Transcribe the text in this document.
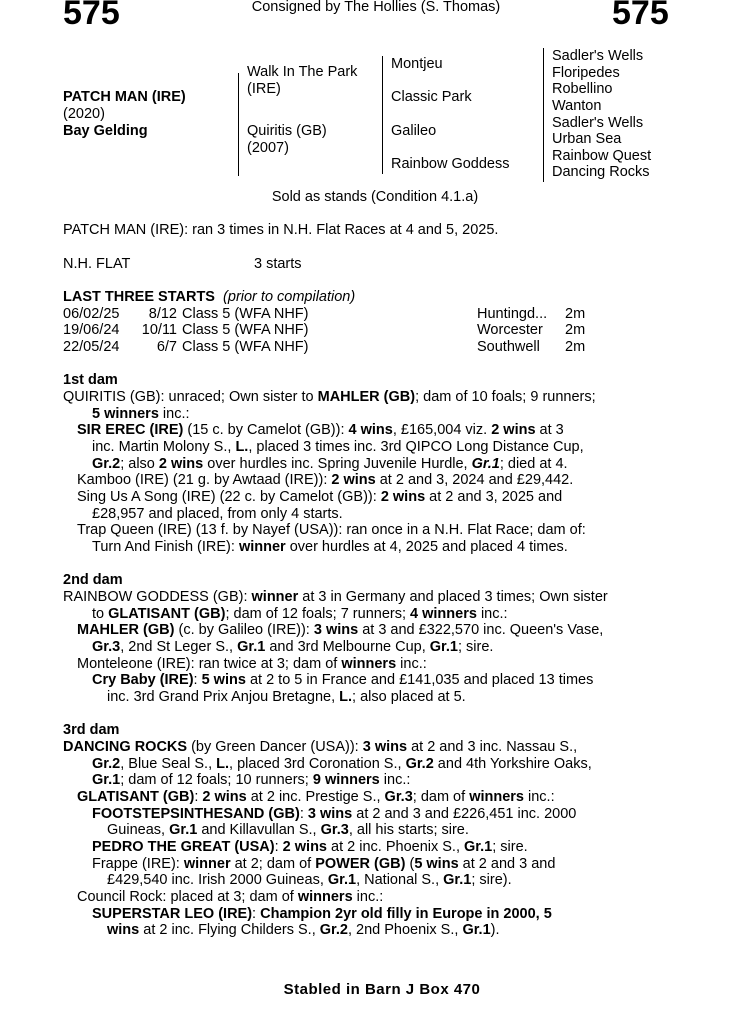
575	575
Consigned by The Hollies (S. Thomas)
PATCH MAN (IRE)
(2020)
Bay Gelding
Walk In The Park
(IRE)
Quiritis (GB)
(2007)
Montjeu
Classic Park
Galileo
Rainbow Goddess
Sadler's Wells
Floripedes
Robellino
Wanton
Sadler's Wells
Urban Sea
Rainbow Quest
Dancing Rocks
Sold as stands (Condition 4.1.a)
PATCH MAN (IRE): ran 3 times in N.H. Flat Races at 4 and 5, 2025.
N.H. FLAT	3 starts
LAST THREE STARTS (prior to compilation)
06/02/25	8/12 Class 5 (WFA NHF)	Huntingd... 2m
19/06/24	10/11 Class 5 (WFA NHF)	Worcester 2m
22/05/24	6/7 Class 5 (WFA NHF)	Southwell 2m
1st dam
QUIRITIS (GB): unraced; Own sister to MAHLER (GB); dam of 10 foals; 9 runners;
5 winners inc.:
SIR EREC (IRE) (15 c. by Camelot (GB)): 4 wins, £165,004 viz. 2 wins at 3
inc. Martin Molony S., L., placed 3 times inc. 3rd QIPCO Long Distance Cup,
Gr.2; also 2 wins over hurdles inc. Spring Juvenile Hurdle, Gr.1; died at 4.
Kamboo (IRE) (21 g. by Awtaad (IRE)): 2 wins at 2 and 3, 2024 and £29,442.
Sing Us A Song (IRE) (22 c. by Camelot (GB)): 2 wins at 2 and 3, 2025 and
£28,957 and placed, from only 4 starts.
Trap Queen (IRE) (13 f. by Nayef (USA)): ran once in a N.H. Flat Race; dam of:
Turn And Finish (IRE): winner over hurdles at 4, 2025 and placed 4 times.
2nd dam
RAINBOW GODDESS (GB): winner at 3 in Germany and placed 3 times; Own sister
to GLATISANT (GB); dam of 12 foals; 7 runners; 4 winners inc.:
MAHLER (GB) (c. by Galileo (IRE)): 3 wins at 3 and £322,570 inc. Queen's Vase,
Gr.3, 2nd St Leger S., Gr.1 and 3rd Melbourne Cup, Gr.1; sire.
Monteleone (IRE): ran twice at 3; dam of winners inc.:
Cry Baby (IRE): 5 wins at 2 to 5 in France and £141,035 and placed 13 times
inc. 3rd Grand Prix Anjou Bretagne, L.; also placed at 5.
3rd dam
DANCING ROCKS (by Green Dancer (USA)): 3 wins at 2 and 3 inc. Nassau S.,
Gr.2, Blue Seal S., L., placed 3rd Coronation S., Gr.2 and 4th Yorkshire Oaks,
Gr.1; dam of 12 foals; 10 runners; 9 winners inc.:
GLATISANT (GB): 2 wins at 2 inc. Prestige S., Gr.3; dam of winners inc.:
FOOTSTEPSINTHESAND (GB): 3 wins at 2 and 3 and £226,451 inc. 2000
Guineas, Gr.1 and Killavullan S., Gr.3, all his starts; sire.
PEDRO THE GREAT (USA): 2 wins at 2 inc. Phoenix S., Gr.1; sire.
Frappe (IRE): winner at 2; dam of POWER (GB) (5 wins at 2 and 3 and
£429,540 inc. Irish 2000 Guineas, Gr.1, National S., Gr.1; sire).
Council Rock: placed at 3; dam of winners inc.:
SUPERSTAR LEO (IRE): Champion 2yr old filly in Europe in 2000, 5
wins at 2 inc. Flying Childers S., Gr.2, 2nd Phoenix S., Gr.1).
Stabled in Barn J Box 470
